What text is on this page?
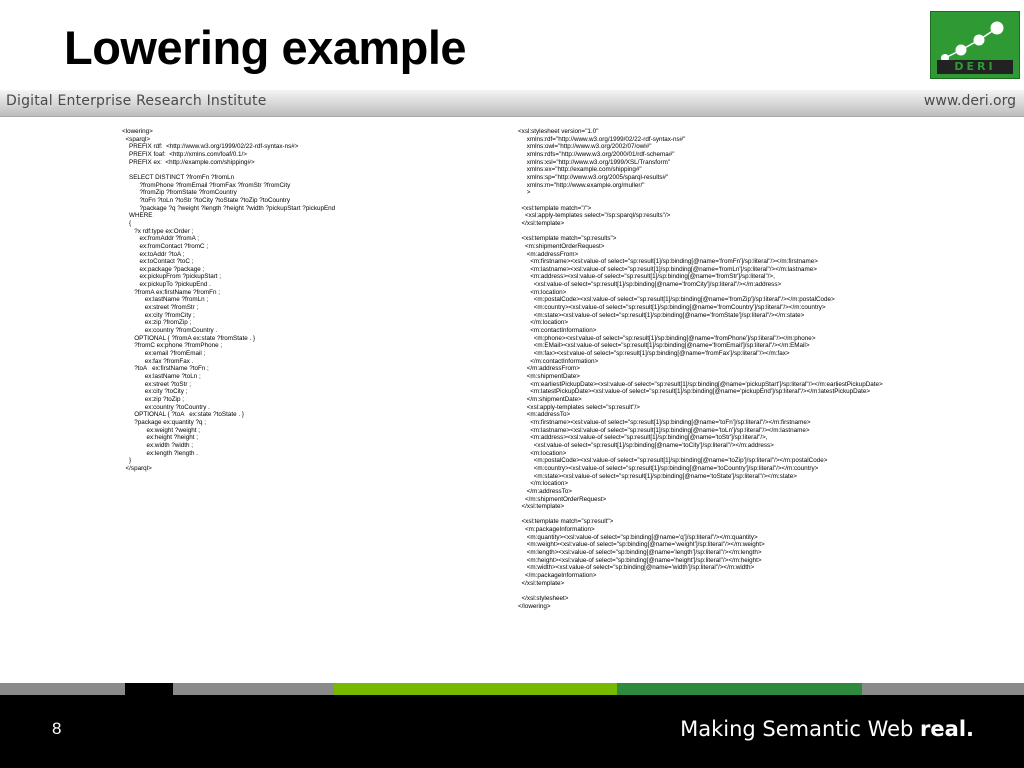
Lowering example	DERI
Digital Enterprise Research Institute	www.deri.org
<lowering>
<sparql>
PREFIX rdf:  <http://www.w3.org/1999/02/22-rdf-syntax-ns#>
PREFIX foaf:  <http://xmlns.com/foaf/0.1/>
PREFIX ex:  <http://example.com/shipping#>

SELECT DISTINCT ?fromFn ?fromLn
?fromPhone ?fromEmail ?fromFax ?fromStr ?fromCity
?fromZip ?fromState ?fromCountry
?toFn ?toLn ?toStr ?toCity ?toState ?toZip ?toCountry
?package ?q ?weight ?length ?height ?width ?pickupStart ?pickupEnd
WHERE
{
?x rdf:type ex:Order ;
ex:fromAddr ?fromA ;
ex:fromContact ?fromC ;
ex:toAddr ?toA ;
ex:toContact ?toC ;
ex:package ?package ;
ex:pickupFrom ?pickupStart ;
ex:pickupTo ?pickupEnd .
?fromA ex:firstName ?fromFn ;
ex:lastName ?fromLn ;
ex:street ?fromStr ;
ex:city ?fromCity ;
ex:zip ?fromZip ;
ex:country ?fromCountry .
OPTIONAL { ?fromA ex:state ?fromState . }
?fromC ex:phone ?fromPhone ;
ex:email ?fromEmail ;
ex:fax ?fromFax .
?toA   ex:firstName ?toFn ;
ex:lastName ?toLn ;
ex:street ?toStr ;
ex:city ?toCity ;
ex:zip ?toZip ;
ex:country ?toCountry .
OPTIONAL { ?toA   ex:state ?toState . }
?package ex:quantity ?q ;
ex:weight ?weight ;
ex:height ?height ;
ex:width ?width ;
ex:length ?length .
}
</sparql>
<xsl:stylesheet version="1.0"
xmlns:rdf="http://www.w3.org/1999/02/22-rdf-syntax-ns#"
xmlns:owl="http://www.w3.org/2002/07/owl#"
xmlns:rdfs="http://www.w3.org/2000/01/rdf-schema#"
xmlns:xsl="http://www.w3.org/1999/XSL/Transform"
xmlns:ex="http://example.com/shipping#"
xmlns:sp="http://www.w3.org/2005/sparql-results#"
xmlns:m="http://www.example.org/muller/"
>

<xsl:template match="/">
<xsl:apply-templates select="/sp:sparql/sp:results"/>
</xsl:template>

<xsl:template match="sp:results">
<m:shipmentOrderRequest>
<m:addressFrom>
<m:firstname><xsl:value-of select="sp:result[1]/sp:binding[@name='fromFn']/sp:literal"/></m:firstname>
<m:lastname><xsl:value-of select="sp:result[1]/sp:binding[@name='fromLn']/sp:literal"/></m:lastname>
<m:address><xsl:value-of select="sp:result[1]/sp:binding[@name='fromStr']/sp:literal"/>,
<xsl:value-of select="sp:result[1]/sp:binding[@name='fromCity']/sp:literal"/></m:address>
<m:location>
<m:postalCode><xsl:value-of select="sp:result[1]/sp:binding[@name='fromZip']/sp:literal"/></m:postalCode>
<m:country><xsl:value-of select="sp:result[1]/sp:binding[@name='fromCountry']/sp:literal"/></m:country>
<m:state><xsl:value-of select="sp:result[1]/sp:binding[@name='fromState']/sp:literal"/></m:state>
</m:location>
<m:contactInformation>
<m:phone><xsl:value-of select="sp:result[1]/sp:binding[@name='fromPhone']/sp:literal"/></m:phone>
<m:EMail><xsl:value-of select="sp:result[1]/sp:binding[@name='fromEmail']/sp:literal"/></m:EMail>
<m:fax><xsl:value-of select="sp:result[1]/sp:binding[@name='fromFax']/sp:literal"/></m:fax>
</m:contactInformation>
</m:addressFrom>
<m:shipmentDate>
<m:earliestPickupDate><xsl:value-of select="sp:result[1]/sp:binding[@name='pickupStart']/sp:literal"/></m:earliestPickupDate>
<m:latestPickupDate><xsl:value-of select="sp:result[1]/sp:binding[@name='pickupEnd']/sp:literal"/></m:latestPickupDate>
</m:shipmentDate>
<xsl:apply-templates select="sp:result"/>
<m:addressTo>
<m:firstname><xsl:value-of select="sp:result[1]/sp:binding[@name='toFn']/sp:literal"/></m:firstname>
<m:lastname><xsl:value-of select="sp:result[1]/sp:binding[@name='toLn']/sp:literal"/></m:lastname>
<m:address><xsl:value-of select="sp:result[1]/sp:binding[@name='toStr']/sp:literal"/>,
<xsl:value-of select="sp:result[1]/sp:binding[@name='toCity']/sp:literal"/></m:address>
<m:location>
<m:postalCode><xsl:value-of select="sp:result[1]/sp:binding[@name='toZip']/sp:literal"/></m:postalCode>
<m:country><xsl:value-of select="sp:result[1]/sp:binding[@name='toCountry']/sp:literal"/></m:country>
<m:state><xsl:value-of select="sp:result[1]/sp:binding[@name='toState']/sp:literal"/></m:state>
</m:location>
</m:addressTo>
</m:shipmentOrderRequest>
</xsl:template>

<xsl:template match="sp:result">
<m:packageInformation>
<m:quantity><xsl:value-of select="sp:binding[@name='q']/sp:literal"/></m:quantity>
<m:weight><xsl:value-of select="sp:binding[@name='weight']/sp:literal"/></m:weight>
<m:length><xsl:value-of select="sp:binding[@name='length']/sp:literal"/></m:length>
<m:height><xsl:value-of select="sp:binding[@name='height']/sp:literal"/></m:height>
<m:width><xsl:value-of select="sp:binding[@name='width']/sp:literal"/></m:width>
</m:packageInformation>
</xsl:template>

</xsl:stylesheet>
</lowering>
8	Making Semantic Web real.
